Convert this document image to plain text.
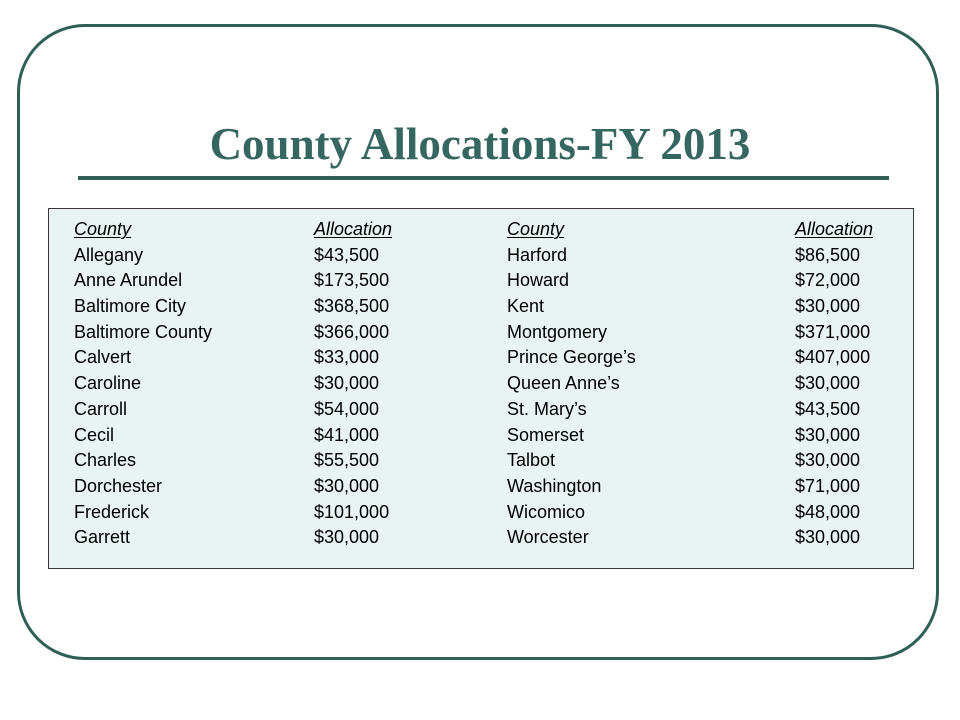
County Allocations-FY 2013
County
Allegany
Anne Arundel
Baltimore City
Baltimore County
Calvert
Caroline
Carroll
Cecil
Charles
Dorchester
Frederick
Garrett
Allocation
$43,500
$173,500
$368,500
$366,000
$33,000
$30,000
$54,000
$41,000
$55,500
$30,000
$101,000
$30,000
County
Harford
Howard
Kent
Montgomery
Prince George’s
Queen Anne’s
St. Mary’s
Somerset
Talbot
Washington
Wicomico
Worcester
Allocation
$86,500
$72,000
$30,000
$371,000
$407,000
$30,000
$43,500
$30,000
$30,000
$71,000
$48,000
$30,000
